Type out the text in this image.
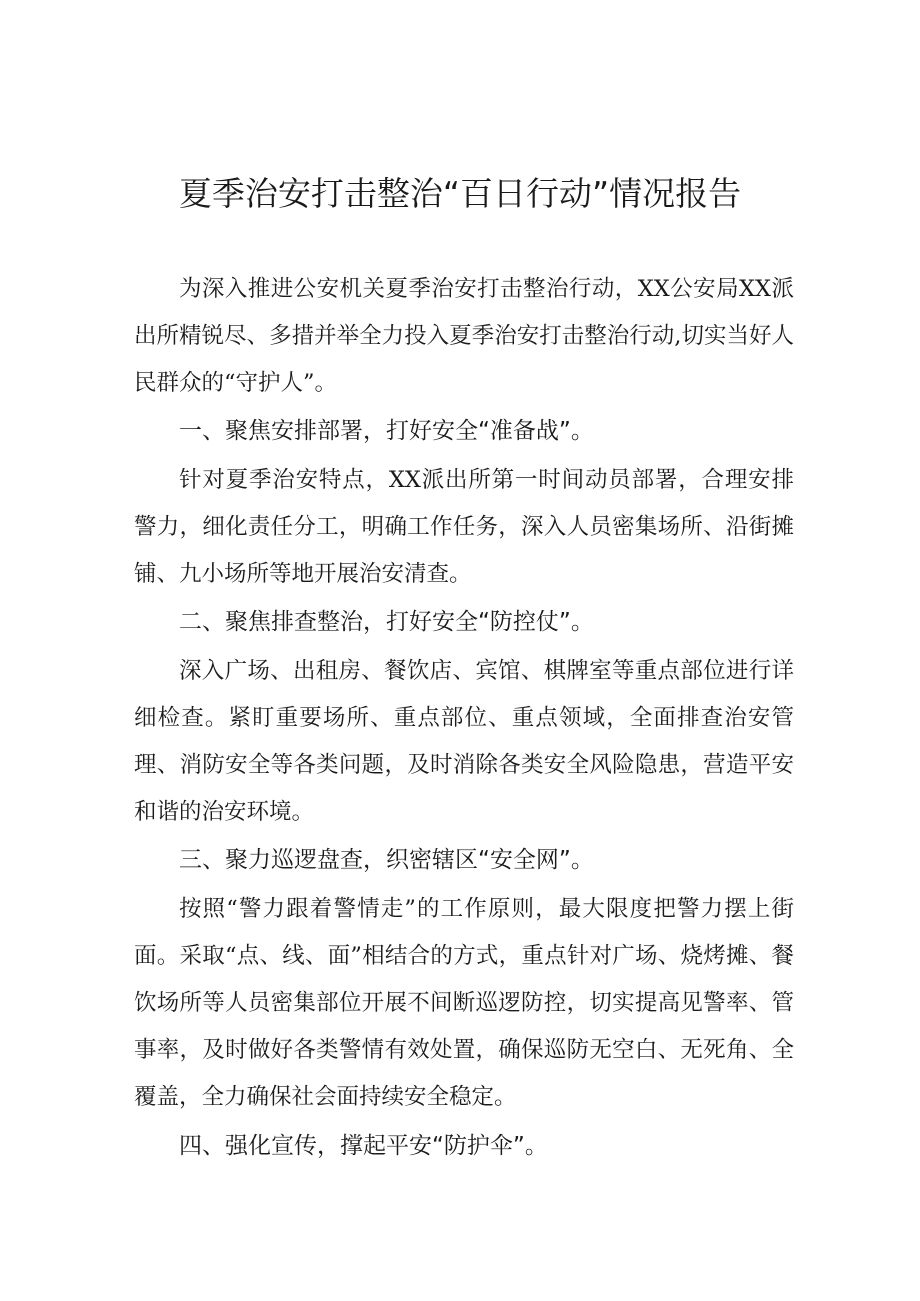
夏季治安打击整治“百日行动”情况报告

为深入推进公安机关夏季治安打击整治行动，XX公安局XX派出所精锐尽、多措并举全力投入夏季治安打击整治行动,切实当好人民群众的“守护人”。

一、聚焦安排部署，打好安全“准备战”。

针对夏季治安特点，XX派出所第一时间动员部署，合理安排警力，细化责任分工，明确工作任务，深入人员密集场所、沿街摊铺、九小场所等地开展治安清查。

二、聚焦排查整治，打好安全“防控仗”。

深入广场、出租房、餐饮店、宾馆、棋牌室等重点部位进行详细检查。紧盯重要场所、重点部位、重点领域，全面排查治安管理、消防安全等各类问题，及时消除各类安全风险隐患，营造平安和谐的治安环境。

三、聚力巡逻盘查，织密辖区“安全网”。

按照“警力跟着警情走”的工作原则，最大限度把警力摆上街面。采取“点、线、面”相结合的方式，重点针对广场、烧烤摊、餐饮场所等人员密集部位开展不间断巡逻防控，切实提高见警率、管事率，及时做好各类警情有效处置，确保巡防无空白、无死角、全覆盖，全力确保社会面持续安全稳定。

四、强化宣传，撑起平安“防护伞”。
